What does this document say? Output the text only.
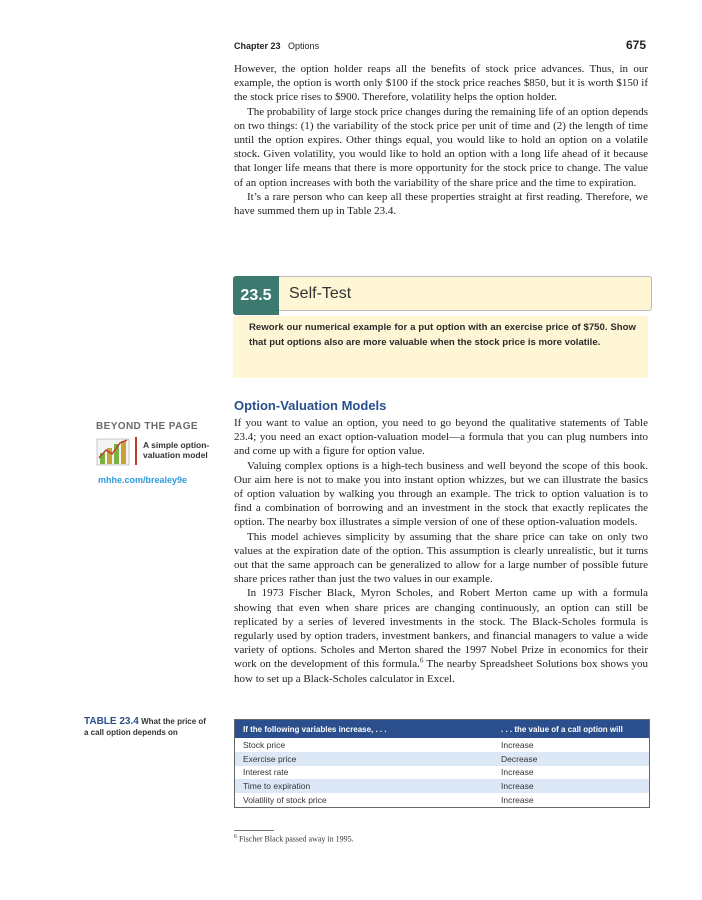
Chapter 23 Options	675

However, the option holder reaps all the benefits of stock price advances. Thus, in our example, the option is worth only $100 if the stock price reaches $850, but it is worth $150 if the stock price rises to $900. Therefore, volatility helps the option holder.

The probability of large stock price changes during the remaining life of an option depends on two things: (1) the variability of the stock price per unit of time and (2) the length of time until the option expires. Other things equal, you would like to hold an option on a volatile stock. Given volatility, you would like to hold an option with a long life ahead of it because that longer life means that there is more opportunity for the stock price to change. The value of an option increases with both the variability of the share price and the time to expiration.

It’s a rare person who can keep all these properties straight at first reading. Therefore, we have summed them up in Table 23.4.

23.5	Self-Test
Rework our numerical example for a put option with an exercise price of $750. Show that put options also are more valuable when the stock price is more volatile.
Option-Valuation Models

If you want to value an option, you need to go beyond the qualitative statements of Table 23.4; you need an exact option-valuation model—a formula that you can plug numbers into and come up with a figure for option value.

Valuing complex options is a high-tech business and well beyond the scope of this book. Our aim here is not to make you into instant option whizzes, but we can illustrate the basics of option valuation by walking you through an example. The trick to option valuation is to find a combination of borrowing and an investment in the stock that exactly replicates the option. The nearby box illustrates a simple version of one of these option-valuation models.

This model achieves simplicity by assuming that the share price can take on only two values at the expiration date of the option. This assumption is clearly unrealistic, but it turns out that the same approach can be generalized to allow for a large number of possible future share prices rather than just the two values in our example.

In 1973 Fischer Black, Myron Scholes, and Robert Merton came up with a formula showing that even when share prices are changing continuously, an option can still be replicated by a series of levered investments in the stock. The Black-Scholes formula is regularly used by option traders, investment bankers, and financial managers to value a wide variety of options. Scholes and Merton shared the 1997 Nobel Prize in economics for their work on the development of this formula.$^6$ The nearby Spreadsheet Solutions box shows you how to set up a Black-Scholes calculator in Excel.

BEYOND THE PAGE
A simple option-
valuation model
mhhe.com/brealey9e
TABLE 23.4 What the price of
a call option depends on	If the following variables increase, . . .	. . . the value of a call option will
Stock price	Increase
Exercise price	Decrease
Interest rate	Increase
Time to expiration	Increase
Volatility of stock price	Increase
$^6$ Fischer Black passed away in 1995.
